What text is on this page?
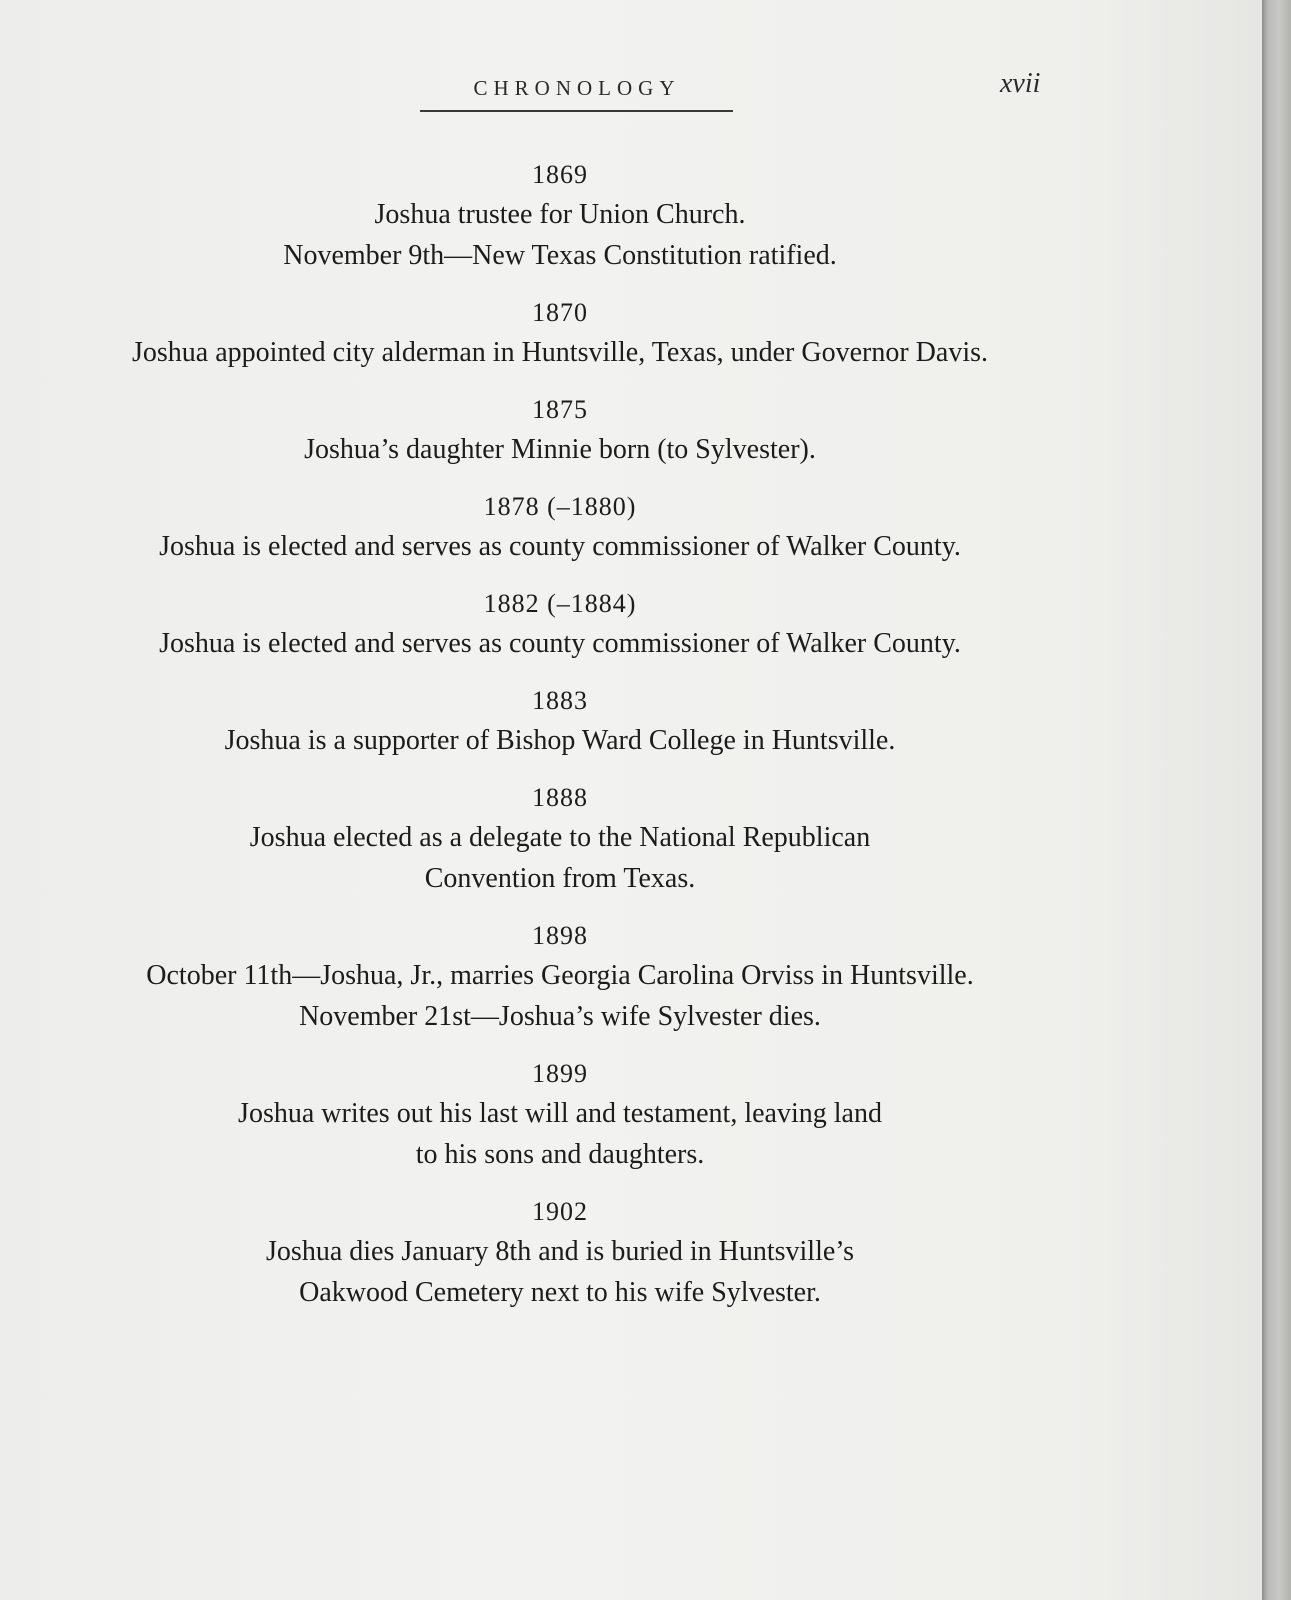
CHRONOLOGY	xvii
1869
Joshua trustee for Union Church.
November 9th—New Texas Constitution ratified.
1870
Joshua appointed city alderman in Huntsville, Texas, under Governor Davis.
1875
Joshua’s daughter Minnie born (to Sylvester).
1878 (–1880)
Joshua is elected and serves as county commissioner of Walker County.
1882 (–1884)
Joshua is elected and serves as county commissioner of Walker County.
1883
Joshua is a supporter of Bishop Ward College in Huntsville.
1888
Joshua elected as a delegate to the National Republican
Convention from Texas.
1898
October 11th—Joshua, Jr., marries Georgia Carolina Orviss in Huntsville.
November 21st—Joshua’s wife Sylvester dies.
1899
Joshua writes out his last will and testament, leaving land
to his sons and daughters.
1902
Joshua dies January 8th and is buried in Huntsville’s
Oakwood Cemetery next to his wife Sylvester.
